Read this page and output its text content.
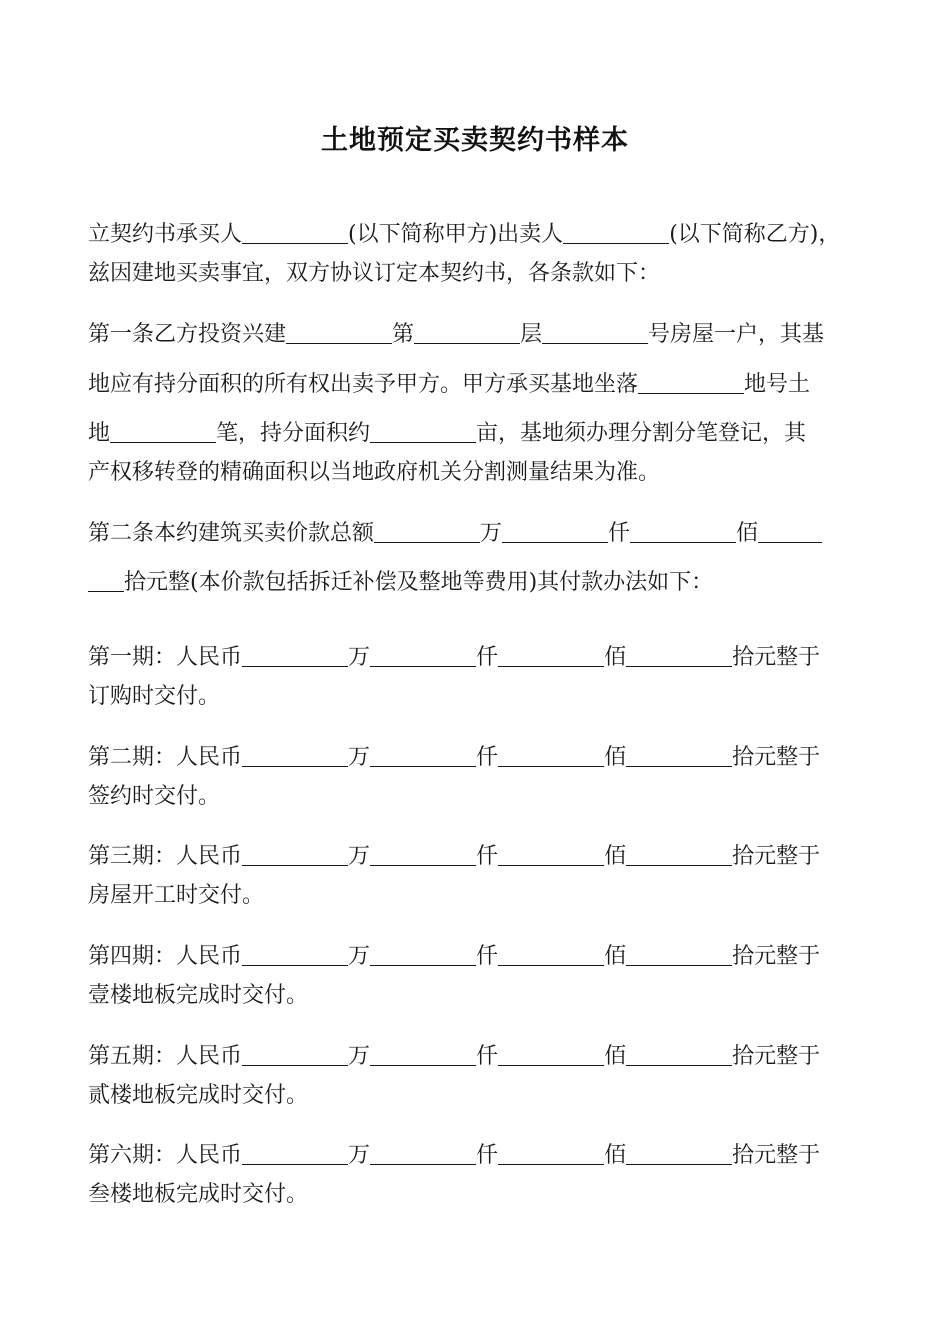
土地预定买卖契约书样本
立契约书承买人	(以下简称甲方)出卖人	(以下简称乙方)，
兹因建地买卖事宜，双方协议订定本契约书，各条款如下：
第一条乙方投资兴建	第	层	号房屋一户，其基
地应有持分面积的所有权出卖予甲方。甲方承买基地坐落	地号土
地	笔，持分面积约	亩，基地须办理分割分笔登记，其
产权移转登的精确面积以当地政府机关分割测量结果为准。
第二条本约建筑买卖价款总额	万	仟	佰
拾元整(本价款包括拆迁补偿及整地等费用)其付款办法如下：
第一期：人民币	万	仟	佰	拾元整于
订购时交付。
第二期：人民币	万	仟	佰	拾元整于
签约时交付。
第三期：人民币	万	仟	佰	拾元整于
房屋开工时交付。
第四期：人民币	万	仟	佰	拾元整于
壹楼地板完成时交付。
第五期：人民币	万	仟	佰	拾元整于
贰楼地板完成时交付。
第六期：人民币	万	仟	佰	拾元整于
叁楼地板完成时交付。
